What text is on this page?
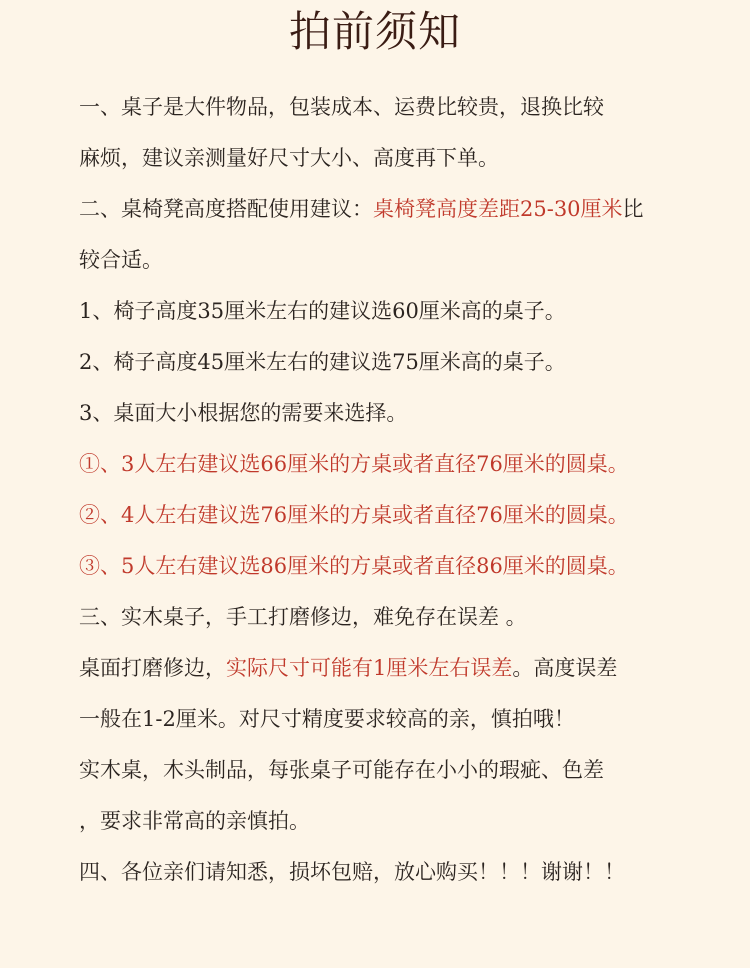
拍前须知
一、桌子是大件物品，包装成本、运费比较贵，退换比较
麻烦，建议亲测量好尺寸大小、高度再下单。
二、桌椅凳高度搭配使用建议：桌椅凳高度差距25-30厘米比
较合适。
1、椅子高度35厘米左右的建议选60厘米高的桌子。
2、椅子高度45厘米左右的建议选75厘米高的桌子。
3、桌面大小根据您的需要来选择。
①、3人左右建议选66厘米的方桌或者直径76厘米的圆桌。
②、4人左右建议选76厘米的方桌或者直径76厘米的圆桌。
③、5人左右建议选86厘米的方桌或者直径86厘米的圆桌。
三、实木桌子，手工打磨修边，难免存在误差 。
桌面打磨修边，实际尺寸可能有1厘米左右误差。高度误差
一般在1-2厘米。对尺寸精度要求较高的亲，慎拍哦！
实木桌，木头制品，每张桌子可能存在小小的瑕疵、色差
，要求非常高的亲慎拍。
四、各位亲们请知悉，损坏包赔，放心购买！！！谢谢！！
